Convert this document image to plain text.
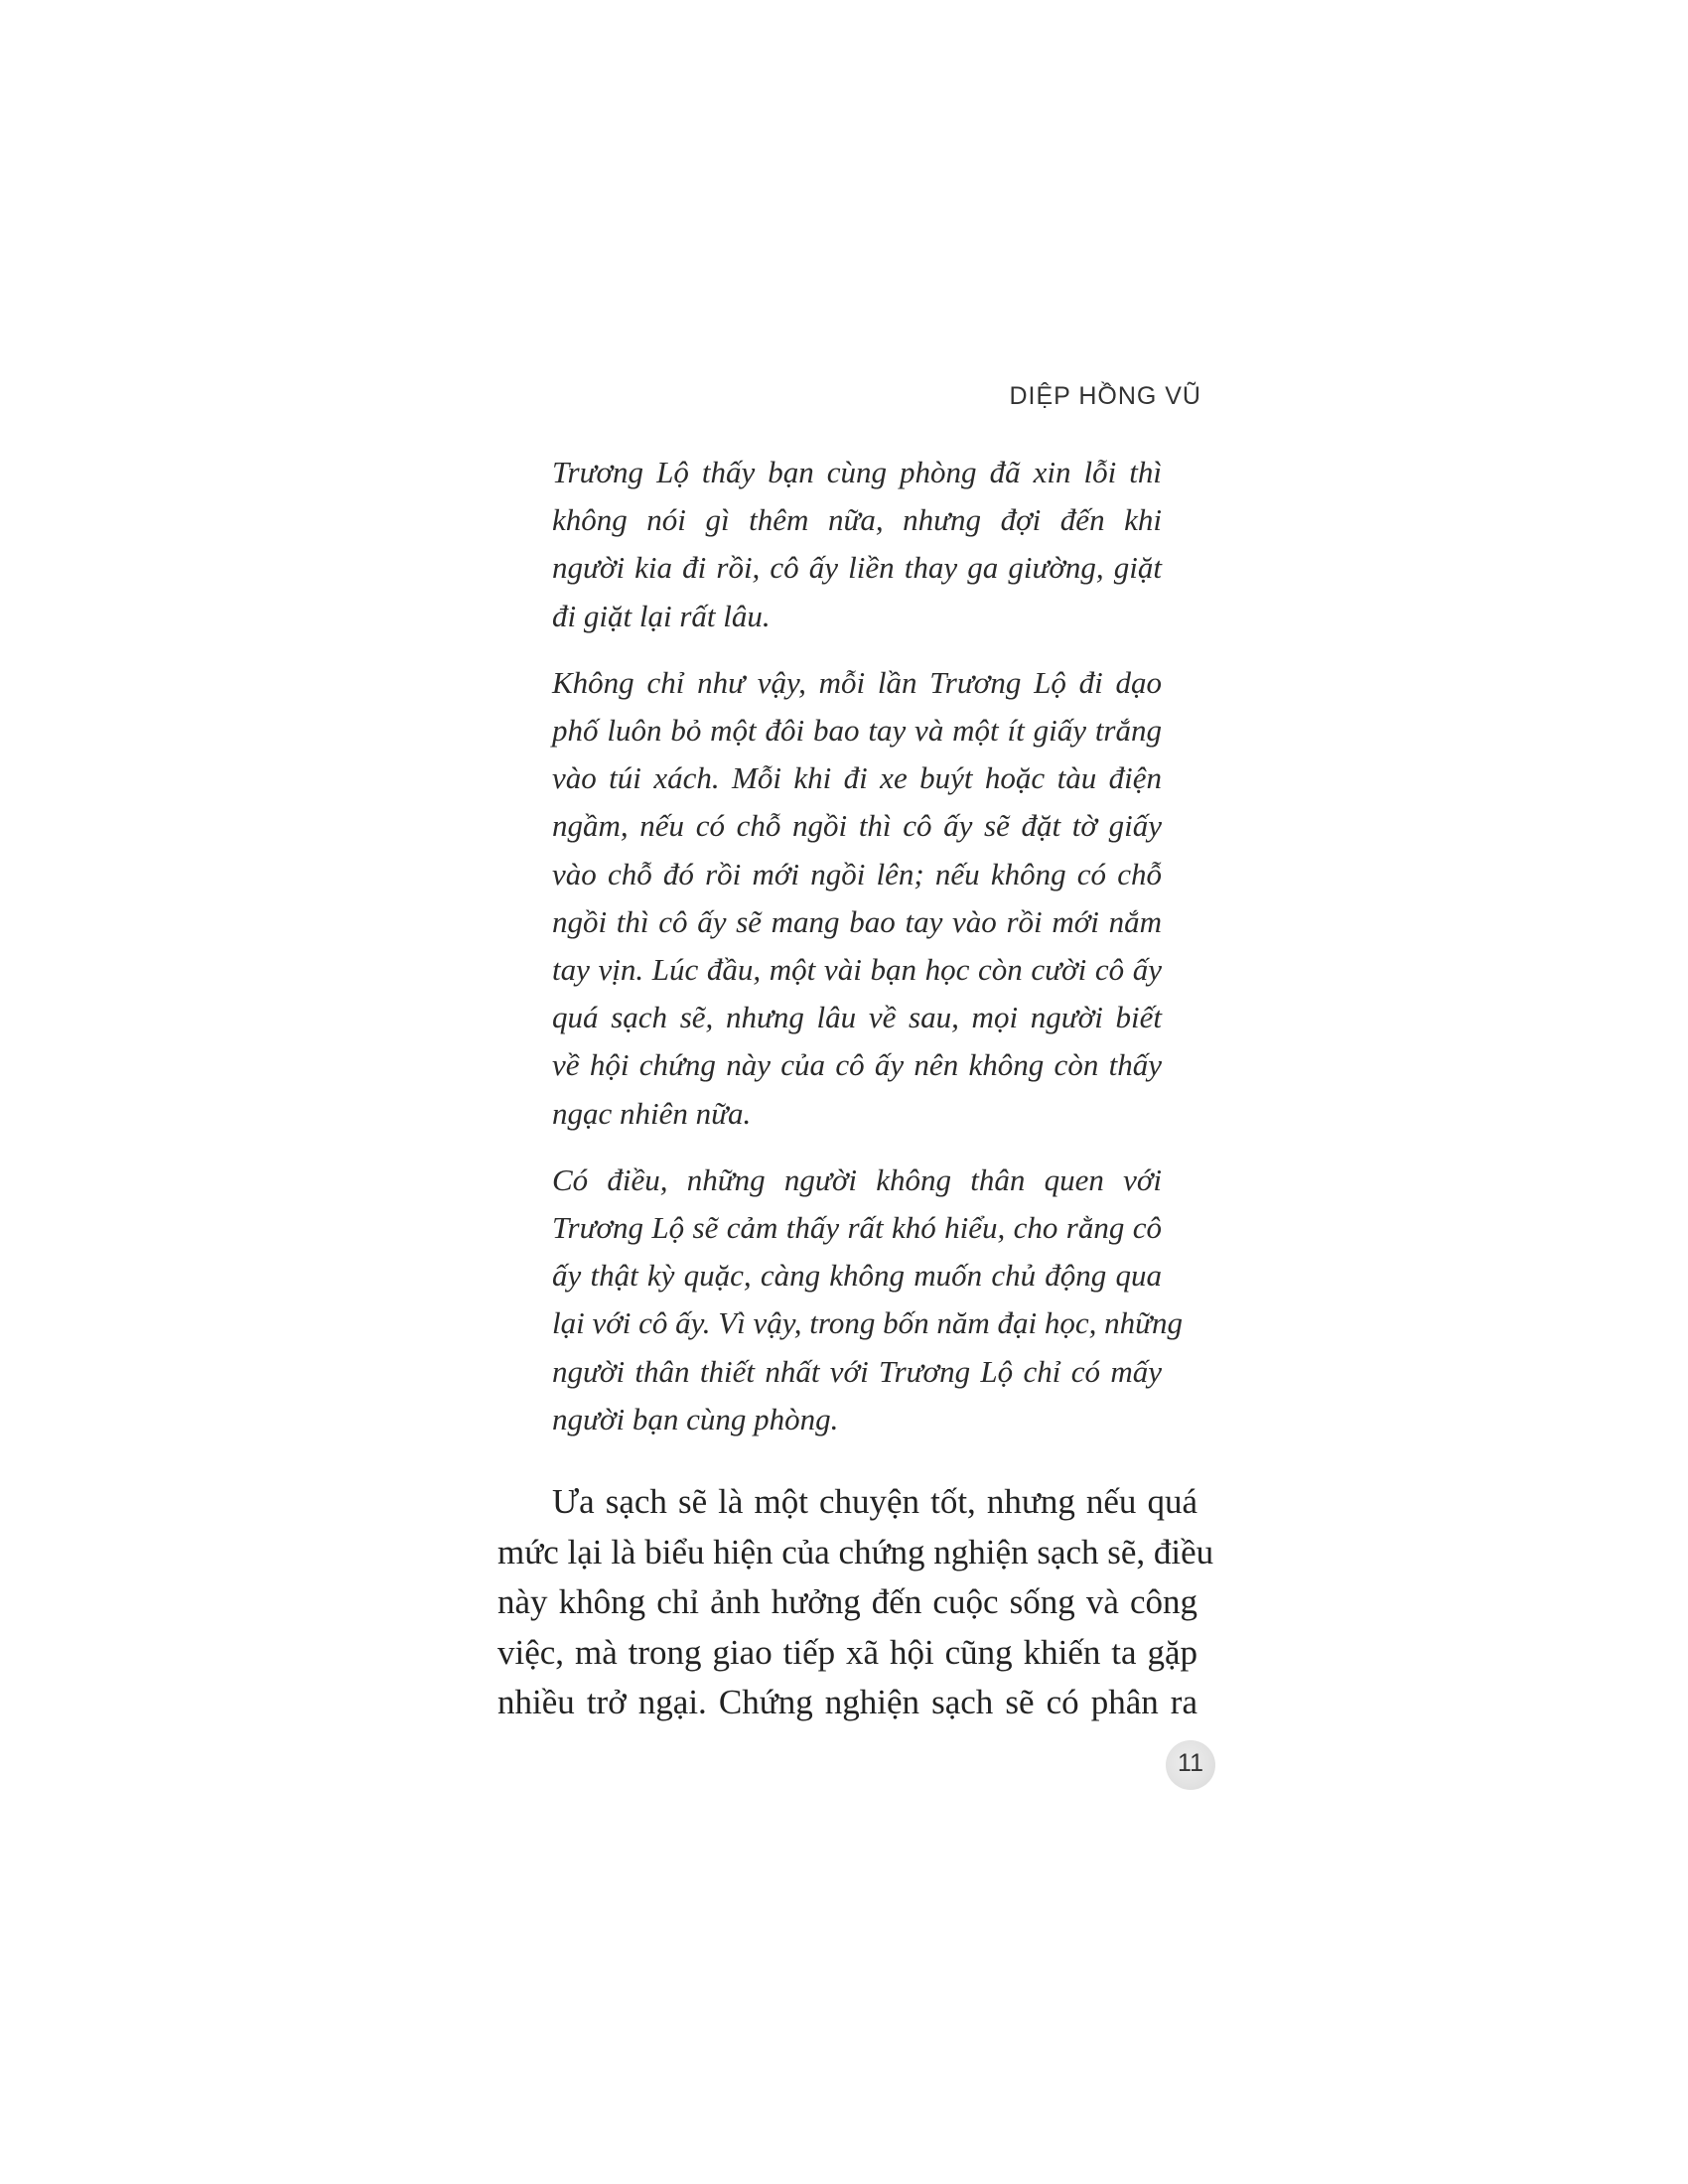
DIỆP HỒNG VŨ

Trương Lộ thấy bạn cùng phòng đã xin lỗi thì
không nói gì thêm nữa, nhưng đợi đến khi
người kia đi rồi, cô ấy liền thay ga giường, giặt
đi giặt lại rất lâu.

Không chỉ như vậy, mỗi lần Trương Lộ đi dạo
phố luôn bỏ một đôi bao tay và một ít giấy trắng
vào túi xách. Mỗi khi đi xe buýt hoặc tàu điện
ngầm, nếu có chỗ ngồi thì cô ấy sẽ đặt tờ giấy
vào chỗ đó rồi mới ngồi lên; nếu không có chỗ
ngồi thì cô ấy sẽ mang bao tay vào rồi mới nắm
tay vịn. Lúc đầu, một vài bạn học còn cười cô ấy
quá sạch sẽ, nhưng lâu về sau, mọi người biết
về hội chứng này của cô ấy nên không còn thấy
ngạc nhiên nữa.

Có điều, những người không thân quen với
Trương Lộ sẽ cảm thấy rất khó hiểu, cho rằng cô
ấy thật kỳ quặc, càng không muốn chủ động qua
lại với cô ấy. Vì vậy, trong bốn năm đại học, những
người thân thiết nhất với Trương Lộ chỉ có mấy
người bạn cùng phòng.

Ưa sạch sẽ là một chuyện tốt, nhưng nếu quá
mức lại là biểu hiện của chứng nghiện sạch sẽ, điều
này không chỉ ảnh hưởng đến cuộc sống và công
việc, mà trong giao tiếp xã hội cũng khiến ta gặp
nhiều trở ngại. Chứng nghiện sạch sẽ có phân ra
11
